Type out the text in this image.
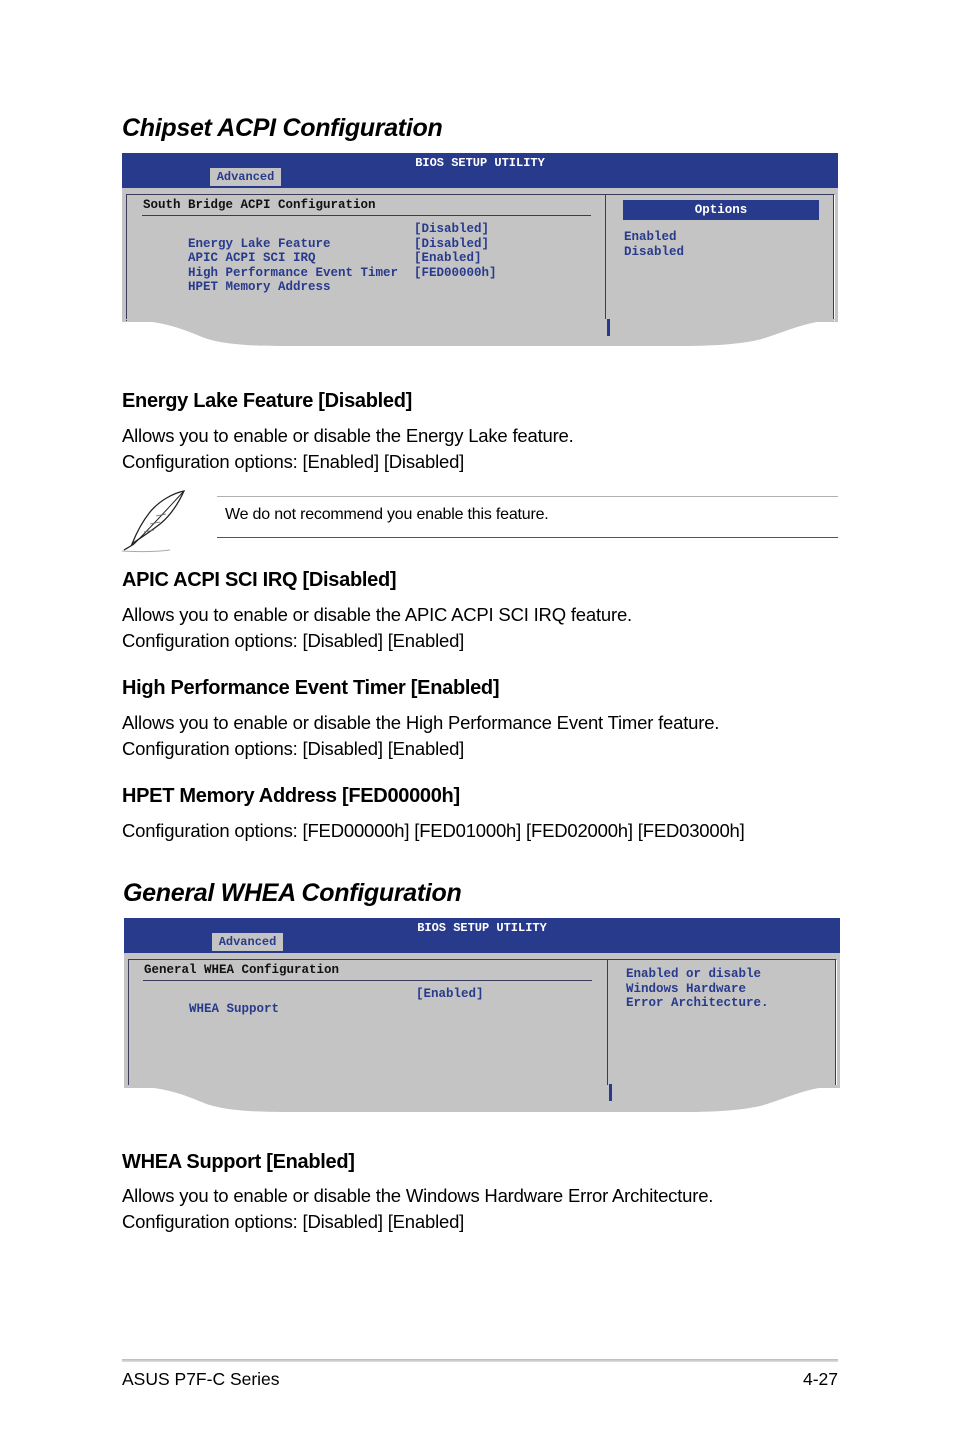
Chipset ACPI Configuration
BIOS SETUP UTILITY
Advanced
South Bridge ACPI Configuration

Energy Lake Feature

[Disabled]

APIC ACPI SCI IRQ

[Disabled]

High Performance Event Timer

[Enabled]

HPET Memory Address

[FED00000h]

Options
Enabled
Disabled
Energy Lake Feature [Disabled]

Allows you to enable or disable the Energy Lake feature.

Configuration options: [Enabled] [Disabled]

We do not recommend you enable this feature.
APIC ACPI SCI IRQ [Disabled]

Allows you to enable or disable the APIC ACPI SCI IRQ feature.

Configuration options: [Disabled] [Enabled]

High Performance Event Timer [Enabled]

Allows you to enable or disable the High Performance Event Timer feature.

Configuration options: [Disabled] [Enabled]

HPET Memory Address [FED00000h]

Configuration options: [FED00000h] [FED01000h] [FED02000h] [FED03000h]

General WHEA Configuration
BIOS SETUP UTILITY
Advanced
General WHEA Configuration

WHEA Support

[Enabled]

Enabled or disable
Windows Hardware
Error Architecture.
WHEA Support [Enabled]

Allows you to enable or disable the Windows Hardware Error Architecture.

Configuration options: [Disabled] [Enabled]

ASUS P7F-C Series	4-27
